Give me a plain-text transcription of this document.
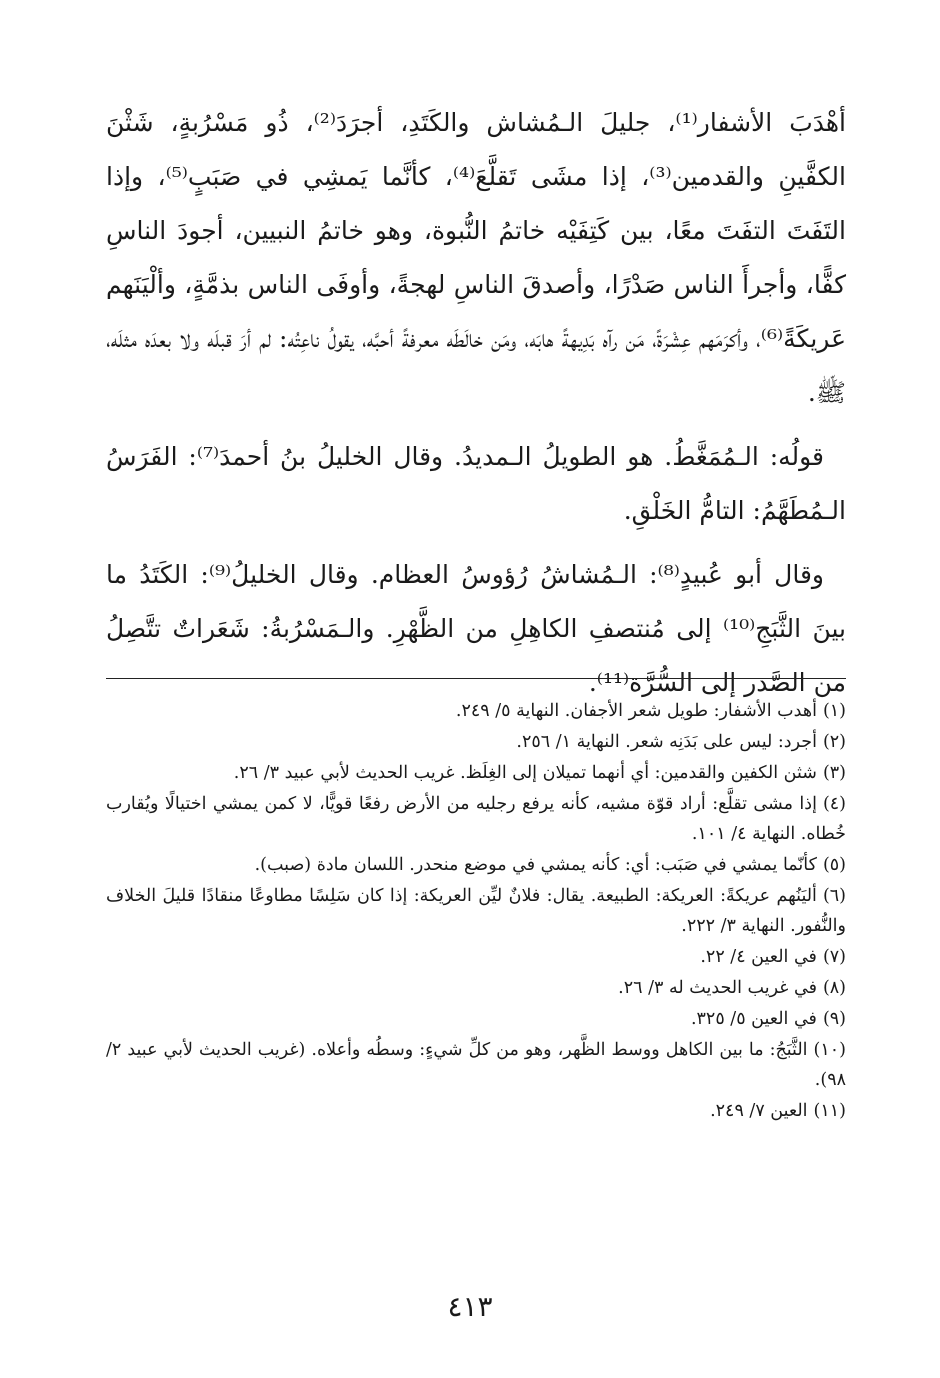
أهْدَبَ الأشفار⁽¹⁾، جليلَ الـمُشاش والكَتَدِ، أجرَدَ⁽²⁾، ذُو مَسْرُبةٍ، شَثْنَ الكفَّينِ والقدمين⁽³⁾، إذا مشَى تَقلَّعَ⁽⁴⁾، كأنَّما يَمشِي في صَبَبٍ⁽⁵⁾، وإذا التَفَتَ التفَتَ معًا، بين كَتِفَيْه خاتمُ النُّبوة، وهو خاتمُ النبيين، أجودَ الناسِ كفًّا، وأجرأَ الناس صَدْرًا، وأصدقَ الناسِ لهجةً، وأوفَى الناس بذمَّةٍ، وألْيَنَهم عَريكَةً⁽⁶⁾، وأكرَمَهم عِشْرَةً، مَن رآه بَدِيهةً هابَه، ومَن خالَطَه معرفةً أحبَّه، يقولُ ناعِتُه: لم أرَ قبلَه ولا بعدَه مثلَه، ﷺ.

قولُه: الـمُمَغَّطُ. هو الطويلُ الـمديدُ. وقال الخليلُ بنُ أحمدَ⁽⁷⁾: الفَرَسُ الـمُطَهَّمُ: التامُّ الخَلْقِ.

وقال أبو عُبيدٍ⁽⁸⁾: الـمُشاشُ رُؤوسُ العظام. وقال الخليلُ⁽⁹⁾: الكَتَدُ ما بينَ الثَّبَجِ⁽¹⁰⁾ إلى مُنتصفِ الكاهِلِ من الظَّهْرِ. والـمَسْرُبةُ: شَعَراتٌ تتَّصِلُ من الصَّدر إلى السُّرَّة⁽¹¹⁾.

(١)أهدب الأشفار: طويل شعر الأجفان. النهاية ٥/ ٢٤٩.
(٢)أجرد: ليس على بَدَنِه شعر. النهاية ١/ ٢٥٦.
(٣)شثن الكفين والقدمين: أي أنهما تميلان إلى الغِلَظ. غريب الحديث لأبي عبيد ٣/ ٢٦.
(٤)إذا مشى تقلَّع: أراد قوّة مشيه، كأنه يرفع رجليه من الأرض رفعًا قويًّا، لا كمن يمشي اختيالًا ويُقارب خُطاه. النهاية ٤/ ١٠١.
(٥)كأنّما يمشي في صَبَب: أي: كأنه يمشي في موضع منحدر. اللسان مادة (صبب).
(٦)أليَنُهم عريكةً: العريكة: الطبيعة. يقال: فلانٌ ليِّن العريكة: إذا كان سَلِسًا مطاوعًا منقادًا قليلَ الخلاف والنُّفور. النهاية ٣/ ٢٢٢.
(٧)في العين ٤/ ٢٢.
(٨)في غريب الحديث له ٣/ ٢٦.
(٩)في العين ٥/ ٣٢٥.
(١٠)الثَّبَجُ: ما بين الكاهل ووسط الظَّهر، وهو من كلِّ شيءٍ: وسطُه وأعلاه. (غريب الحديث لأبي عبيد ٢/ ٩٨).
(١١)العين ٧/ ٢٤٩.
٤١٣
